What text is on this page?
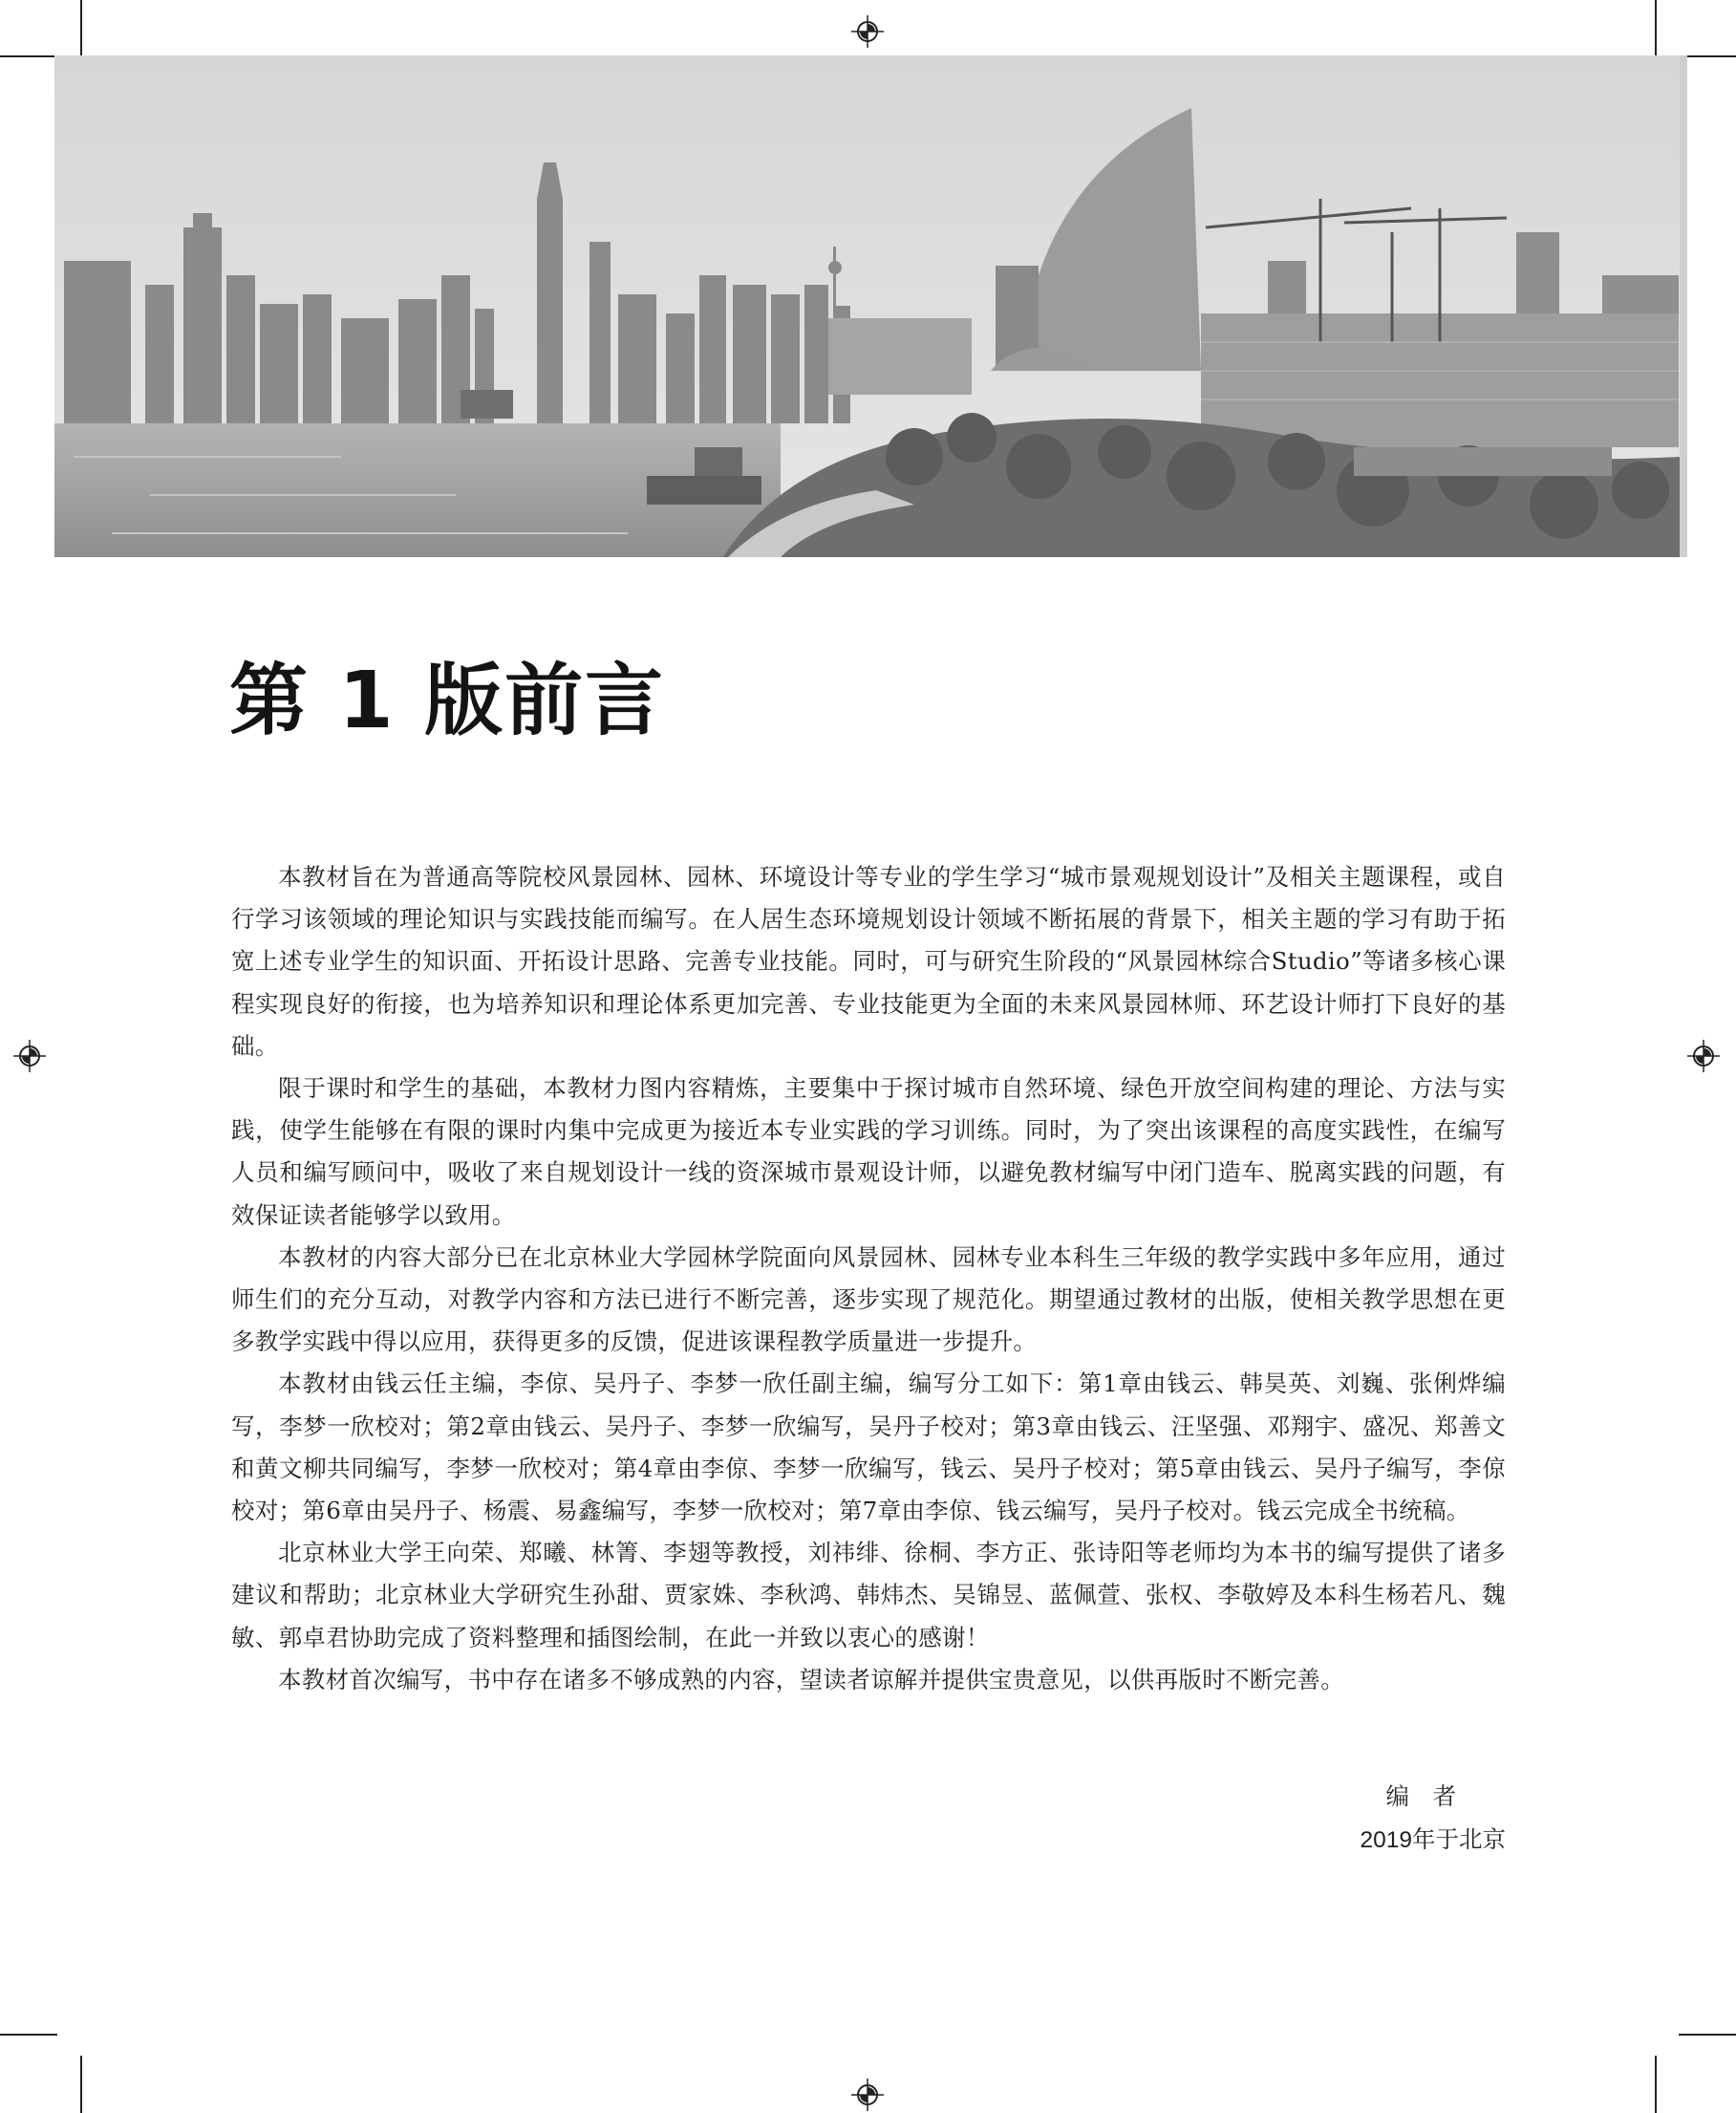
第 1 版前言

本教材旨在为普通高等院校风景园林、园林、环境设计等专业的学生学习“城市景观规划设计”及相关主题课程，或自行学习该领域的理论知识与实践技能而编写。在人居生态环境规划设计领域不断拓展的背景下，相关主题的学习有助于拓宽上述专业学生的知识面、开拓设计思路、完善专业技能。同时，可与研究生阶段的“风景园林综合Studio”等诸多核心课程实现良好的衔接，也为培养知识和理论体系更加完善、专业技能更为全面的未来风景园林师、环艺设计师打下良好的基础。

限于课时和学生的基础，本教材力图内容精炼，主要集中于探讨城市自然环境、绿色开放空间构建的理论、方法与实践，使学生能够在有限的课时内集中完成更为接近本专业实践的学习训练。同时，为了突出该课程的高度实践性，在编写人员和编写顾问中，吸收了来自规划设计一线的资深城市景观设计师，以避免教材编写中闭门造车、脱离实践的问题，有效保证读者能够学以致用。

本教材的内容大部分已在北京林业大学园林学院面向风景园林、园林专业本科生三年级的教学实践中多年应用，通过师生们的充分互动，对教学内容和方法已进行不断完善，逐步实现了规范化。期望通过教材的出版，使相关教学思想在更多教学实践中得以应用，获得更多的反馈，促进该课程教学质量进一步提升。

本教材由钱云任主编，李倞、吴丹子、李梦一欣任副主编，编写分工如下：第1章由钱云、韩昊英、刘巍、张俐烨编写，李梦一欣校对；第2章由钱云、吴丹子、李梦一欣编写，吴丹子校对；第3章由钱云、汪坚强、邓翔宇、盛况、郑善文和黄文柳共同编写，李梦一欣校对；第4章由李倞、李梦一欣编写，钱云、吴丹子校对；第5章由钱云、吴丹子编写，李倞校对；第6章由吴丹子、杨震、易鑫编写，李梦一欣校对；第7章由李倞、钱云编写，吴丹子校对。钱云完成全书统稿。

北京林业大学王向荣、郑曦、林箐、李翅等教授，刘祎绯、徐桐、李方正、张诗阳等老师均为本书的编写提供了诸多建议和帮助；北京林业大学研究生孙甜、贾家姝、李秋鸿、韩炜杰、吴锦昱、蓝佩萱、张权、李敬婷及本科生杨若凡、魏敏、郭卓君协助完成了资料整理和插图绘制，在此一并致以衷心的感谢！

本教材首次编写，书中存在诸多不够成熟的内容，望读者谅解并提供宝贵意见，以供再版时不断完善。

编　者
2019年于北京
